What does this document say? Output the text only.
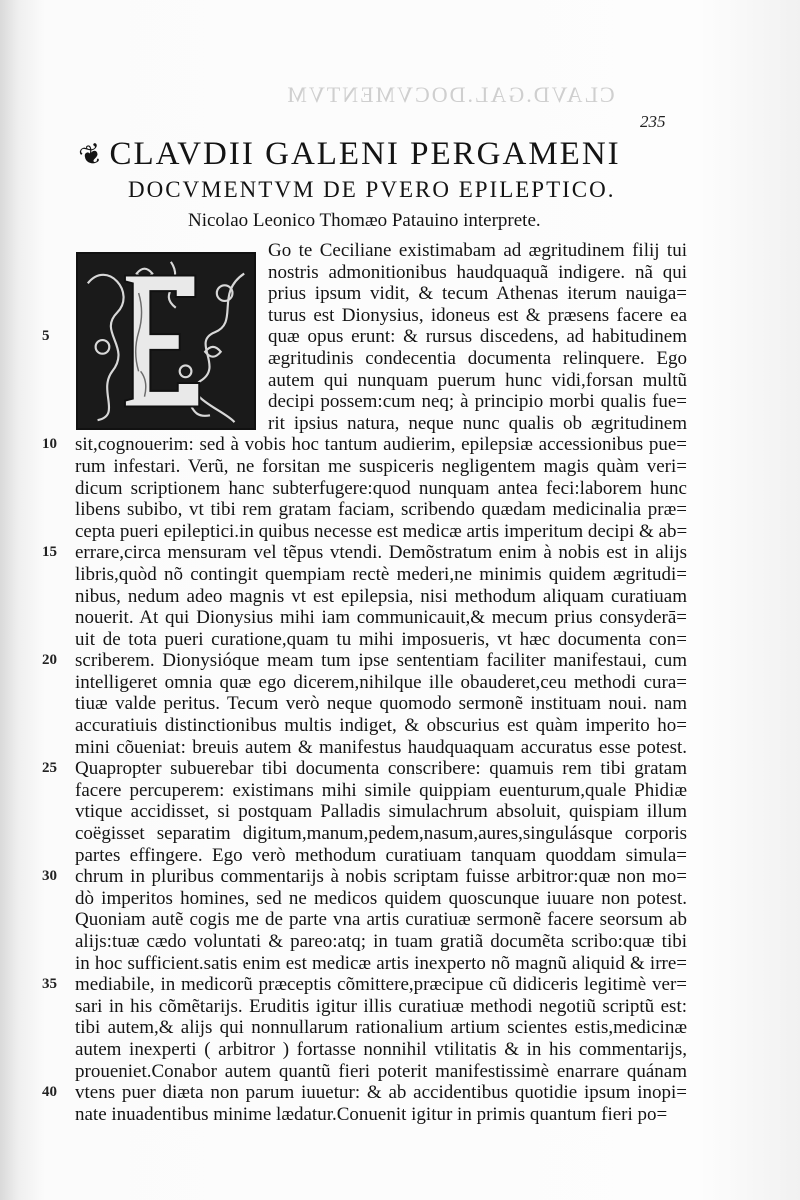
CLAVD.GAL.DOCVMENTVM
235
❦CLAVDII GALENI PERGAMENI
DOCVMENTVM DE PVERO EPILEPTICO.
Nicolao Leonico Thomæo Patauino interprete.
Go te Ceciliane existimabam ad ægritudinem filij tui
nostris admonitionibus haudquaquã indigere. nã qui
prius ipsum vidit, & tecum Athenas iterum nauiga=
turus est Dionysius, idoneus est & præsens facere ea
quæ opus erunt: & rursus discedens, ad habitudinem
ægritudinis condecentia documenta relinquere. Ego
autem qui nunquam puerum hunc vidi,forsan multũ
decipi possem:cum neq; à principio morbi qualis fue=
rit ipsius natura, neque nunc qualis ob ægritudinem
sit,cognouerim: sed à vobis hoc tantum audierim, epilepsiæ accessionibus pue=
rum infestari. Verũ, ne forsitan me suspiceris negligentem magis quàm veri=
dicum scriptionem hanc subterfugere:quod nunquam antea feci:laborem hunc
libens subibo, vt tibi rem gratam faciam, scribendo quædam medicinalia præ=
cepta pueri epileptici.in quibus necesse est medicæ artis imperitum decipi & ab=
errare,circa mensuram vel tẽpus vtendi. Demõstratum enim à nobis est in alijs
libris,quòd nõ contingit quempiam rectè mederi,ne minimis quidem ægritudi=
nibus, nedum adeo magnis vt est epilepsia, nisi methodum aliquam curatiuam
nouerit. At qui Dionysius mihi iam communicauit,& mecum prius consyderā=
uit de tota pueri curatione,quam tu mihi imposueris, vt hæc documenta con=
scriberem. Dionysióque meam tum ipse sententiam faciliter manifestaui, cum
intelligeret omnia quæ ego dicerem,nihilque ille obauderet,ceu methodi cura=
tiuæ valde peritus. Tecum verò neque quomodo sermonẽ instituam noui. nam
accuratiuis distinctionibus multis indiget, & obscurius est quàm imperito ho=
mini cõueniat: breuis autem & manifestus haudquaquam accuratus esse potest.
Quapropter subuerebar tibi documenta conscribere: quamuis rem tibi gratam
facere percuperem: existimans mihi simile quippiam euenturum,quale Phidiæ
vtique accidisset, si postquam Palladis simulachrum absoluit, quispiam illum
coëgisset separatim digitum,manum,pedem,nasum,aures,singulásque corporis
partes effingere. Ego verò methodum curatiuam tanquam quoddam simula=
chrum in pluribus commentarijs à nobis scriptam fuisse arbitror:quæ non mo=
dò imperitos homines, sed ne medicos quidem quoscunque iuuare non potest.
Quoniam autẽ cogis me de parte vna artis curatiuæ sermonẽ facere seorsum ab
alijs:tuæ cædo voluntati & pareo:atq; in tuam gratiã documẽta scribo:quæ tibi
in hoc sufficient.satis enim est medicæ artis inexperto nõ magnũ aliquid & irre=
mediabile, in medicorũ præceptis cõmittere,præcipue cũ didiceris legitimè ver=
sari in his cõmẽtarijs. Eruditis igitur illis curatiuæ methodi negotiũ scriptũ est:
tibi autem,& alijs qui nonnullarum rationalium artium scientes estis,medicinæ
autem inexperti ( arbitror ) fortasse nonnihil vtilitatis & in his commentarijs,
proueniet.Conabor autem quantũ fieri poterit manifestissimè enarrare quánam
vtens puer diæta non parum iuuetur: & ab accidentibus quotidie ipsum inopi=
nate inuadentibus minime lædatur.Conuenit igitur in primis quantum fieri po=
5
10
15
20
25
30
35
40
